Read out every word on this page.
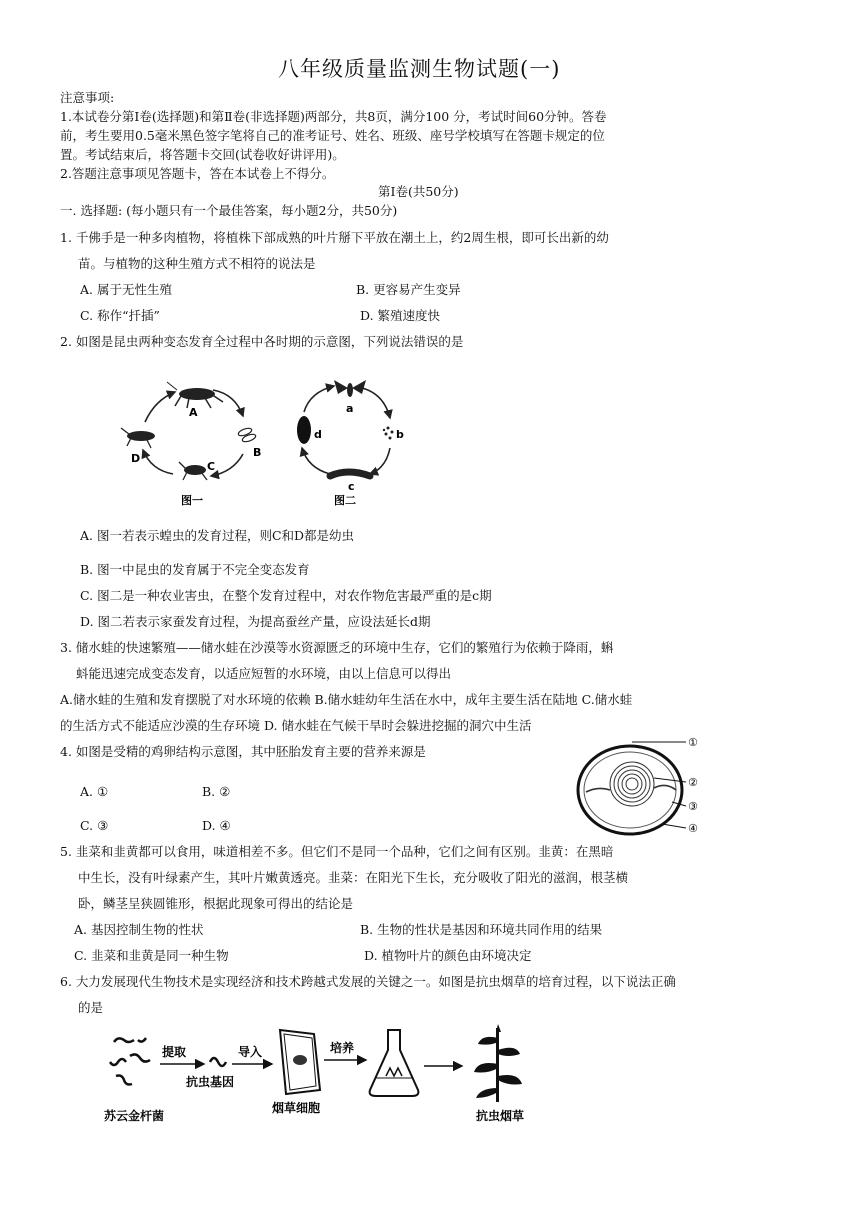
八年级质量监测生物试题(一)
注意事项:
1.本试卷分第Ⅰ卷(选择题)和第Ⅱ卷(非选择题)两部分，共8页，满分100 分，考试时间60分钟。答卷
前，考生要用0.5毫米黑色签字笔将自己的准考证号、姓名、班级、座号学校填写在答题卡规定的位
置。考试结束后，将答题卡交回(试卷收好讲评用)。
2.答题注意事项见答题卡，答在本试卷上不得分。
第Ⅰ卷(共50分)
一. 选择题: (每小题只有一个最佳答案，每小题2分，共50分)
1. 千佛手是一种多肉植物，将植株下部成熟的叶片掰下平放在潮土上，约2周生根，即可长出新的幼
苗。与植物的这种生殖方式不相符的说法是
A. 属于无性生殖	B. 更容易产生变异
C. 称作“扦插”	D. 繁殖速度快
2. 如图是昆虫两种变态发育全过程中各时期的示意图，下列说法错误的是
A
B
C
D
图一
a
b
c
d
图二
A. 图一若表示蝗虫的发育过程，则C和D都是幼虫
B. 图一中昆虫的发育属于不完全变态发育
C. 图二是一种农业害虫，在整个发育过程中，对农作物危害最严重的是c期
D. 图二若表示家蚕发育过程，为提高蚕丝产量，应设法延长d期
3. 储水蛙的快速繁殖——储水蛙在沙漠等水资源匮乏的环境中生存，它们的繁殖行为依赖于降雨，蝌
蚪能迅速完成变态发育，以适应短暂的水环境，由以上信息可以得出
A.储水蛙的生殖和发育摆脱了对水环境的依赖 B.储水蛙幼年生活在水中，成年主要生活在陆地 C.储水蛙
的生活方式不能适应沙漠的生存环境 D. 储水蛙在气候干旱时会躲进挖掘的洞穴中生活
4. 如图是受精的鸡卵结构示意图，其中胚胎发育主要的营养来源是
A. ①	B. ②
C. ③	D. ④
①
②
③
④
5. 韭菜和韭黄都可以食用，味道相差不多。但它们不是同一个品种，它们之间有区别。韭黄：在黑暗
中生长，没有叶绿素产生，其叶片嫩黄透亮。韭菜：在阳光下生长，充分吸收了阳光的滋润，根茎横
卧，鳞茎呈狭圆锥形，根据此现象可得出的结论是
A. 基因控制生物的性状	B. 生物的性状是基因和环境共同作用的结果
C. 韭菜和韭黄是同一种生物	D. 植物叶片的颜色由环境决定
6. 大力发展现代生物技术是实现经济和技术跨越式发展的关键之一。如图是抗虫烟草的培育过程，以下说法正确
的是
提取
抗虫基因
导入
烟草细胞
培养
抗虫烟草
苏云金杆菌
